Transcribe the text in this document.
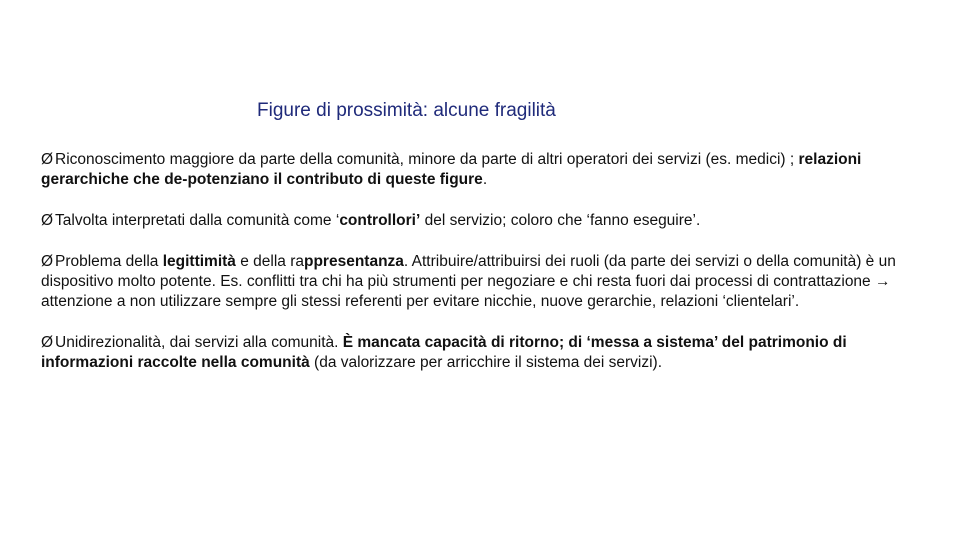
Figure di prossimità: alcune fragilità
Ø Riconoscimento maggiore da parte della comunità, minore da parte di altri operatori dei servizi (es. medici) ; relazioni gerarchiche che de-potenziano il contributo di queste figure.
Ø Talvolta interpretati dalla comunità come ‘controllori’ del servizio; coloro che ‘fanno eseguire’.
Ø Problema della legittimità e della rappresentanza. Attribuire/attribuirsi dei ruoli (da parte dei servizi o della comunità) è un dispositivo molto potente. Es. conflitti tra chi ha più strumenti per negoziare e chi resta fuori dai processi di contrattazione → attenzione a non utilizzare sempre gli stessi referenti per evitare nicchie, nuove gerarchie, relazioni ‘clientelari’.
Ø Unidirezionalità, dai servizi alla comunità. È mancata capacità di ritorno; di ‘messa a sistema’ del patrimonio di informazioni raccolte nella comunità (da valorizzare per arricchire il sistema dei servizi).
